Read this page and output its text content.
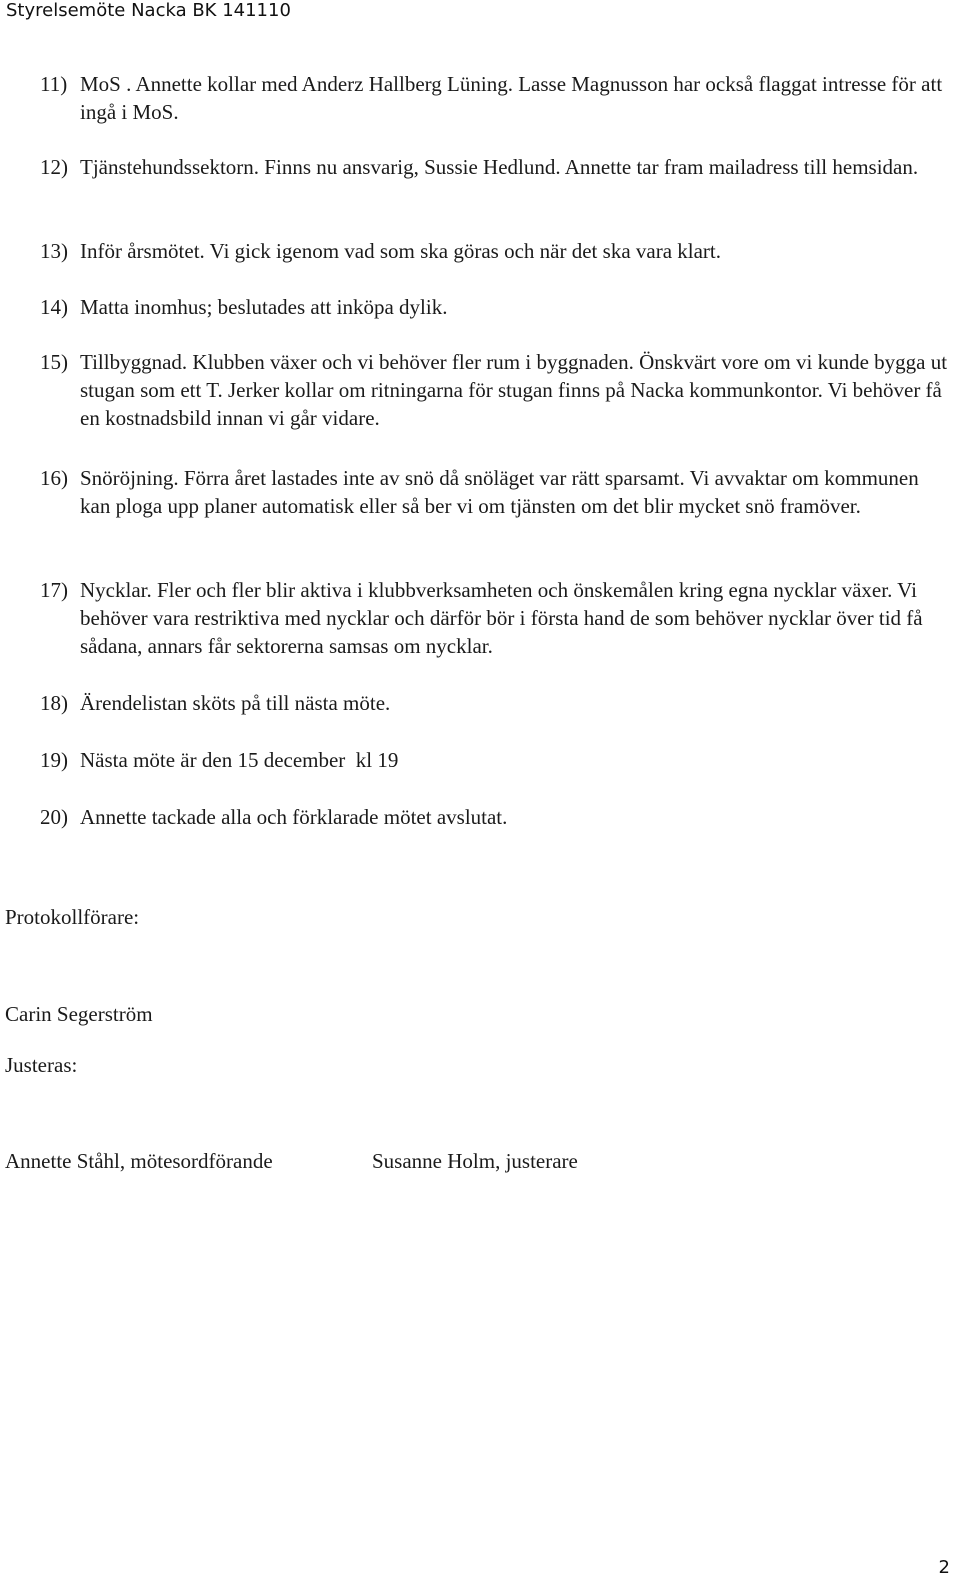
Styrelsemöte Nacka BK 141110
11) MoS . Annette kollar med Anderz Hallberg Lüning. Lasse Magnusson har också flaggat intresse för att ingå i MoS.
12) Tjänstehundssektorn. Finns nu ansvarig, Sussie Hedlund. Annette tar fram mailadress till hemsidan.
13) Inför årsmötet. Vi gick igenom vad som ska göras och när det ska vara klart.
14) Matta inomhus; beslutades att inköpa dylik.
15) Tillbyggnad. Klubben växer och vi behöver fler rum i byggnaden. Önskvärt vore om vi kunde bygga ut stugan som ett T. Jerker kollar om ritningarna för stugan finns på Nacka kommunkontor. Vi behöver få en kostnadsbild innan vi går vidare.
16) Snöröjning. Förra året lastades inte av snö då snöläget var rätt sparsamt. Vi avvaktar om kommunen kan ploga upp planer automatisk eller så ber vi om tjänsten om det blir mycket snö framöver.
17) Nycklar. Fler och fler blir aktiva i klubbverksamheten och önskemålen kring egna nycklar växer. Vi behöver vara restriktiva med nycklar och därför bör i första hand de som behöver nycklar över tid få sådana, annars får sektorerna samsas om nycklar.
18) Ärendelistan sköts på till nästa möte.
19) Nästa möte är den 15 december  kl 19
20) Annette tackade alla och förklarade mötet avslutat.
Protokollförare:
Carin Segerström
Justeras:
Annette Ståhl, mötesordförande	Susanne Holm, justerare
2
